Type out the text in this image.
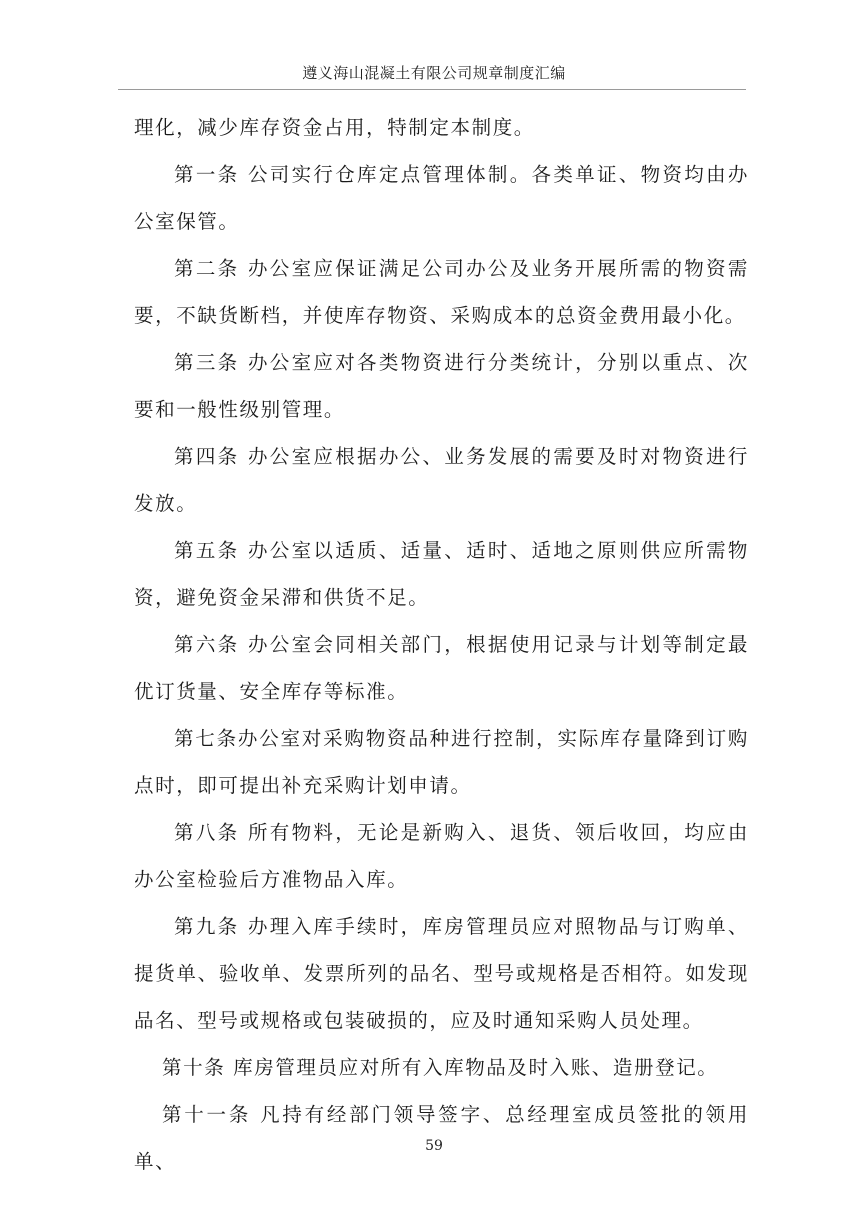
遵义海山混凝土有限公司规章制度汇编

理化，减少库存资金占用，特制定本制度。

第一条 公司实行仓库定点管理体制。各类单证、物资均由办公室保管。

第二条 办公室应保证满足公司办公及业务开展所需的物资需要，不缺货断档，并使库存物资、采购成本的总资金费用最小化。

第三条 办公室应对各类物资进行分类统计，分别以重点、次要和一般性级别管理。

第四条 办公室应根据办公、业务发展的需要及时对物资进行发放。

第五条 办公室以适质、适量、适时、适地之原则供应所需物资，避免资金呆滞和供货不足。

第六条 办公室会同相关部门，根据使用记录与计划等制定最优订货量、安全库存等标准。

第七条办公室对采购物资品种进行控制，实际库存量降到订购点时，即可提出补充采购计划申请。

第八条 所有物料，无论是新购入、退货、领后收回，均应由办公室检验后方准物品入库。

第九条 办理入库手续时，库房管理员应对照物品与订购单、提货单、验收单、发票所列的品名、型号或规格是否相符。如发现品名、型号或规格或包装破损的，应及时通知采购人员处理。

第十条 库房管理员应对所有入库物品及时入账、造册登记。

第十一条 凡持有经部门领导签字、总经理室成员签批的领用单、

59
